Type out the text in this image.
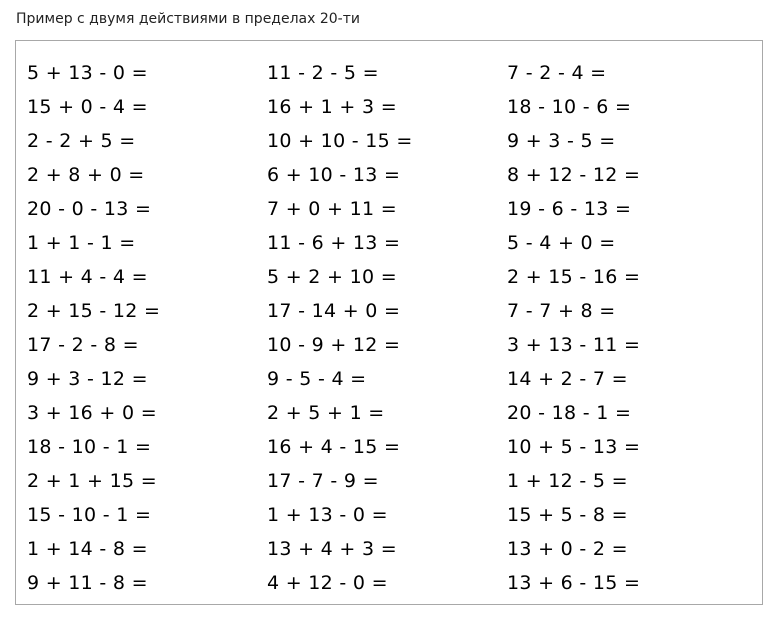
Пример с двумя действиями в пределах 20-ти
5 + 13 - 0 =
15 + 0 - 4 =
2 - 2 + 5 =
2 + 8 + 0 =
20 - 0 - 13 =
1 + 1 - 1 =
11 + 4 - 4 =
2 + 15 - 12 =
17 - 2 - 8 =
9 + 3 - 12 =
3 + 16 + 0 =
18 - 10 - 1 =
2 + 1 + 15 =
15 - 10 - 1 =
1 + 14 - 8 =
9 + 11 - 8 =
11 - 2 - 5 =
16 + 1 + 3 =
10 + 10 - 15 =
6 + 10 - 13 =
7 + 0 + 11 =
11 - 6 + 13 =
5 + 2 + 10 =
17 - 14 + 0 =
10 - 9 + 12 =
9 - 5 - 4 =
2 + 5 + 1 =
16 + 4 - 15 =
17 - 7 - 9 =
1 + 13 - 0 =
13 + 4 + 3 =
4 + 12 - 0 =
7 - 2 - 4 =
18 - 10 - 6 =
9 + 3 - 5 =
8 + 12 - 12 =
19 - 6 - 13 =
5 - 4 + 0 =
2 + 15 - 16 =
7 - 7 + 8 =
3 + 13 - 11 =
14 + 2 - 7 =
20 - 18 - 1 =
10 + 5 - 13 =
1 + 12 - 5 =
15 + 5 - 8 =
13 + 0 - 2 =
13 + 6 - 15 =
